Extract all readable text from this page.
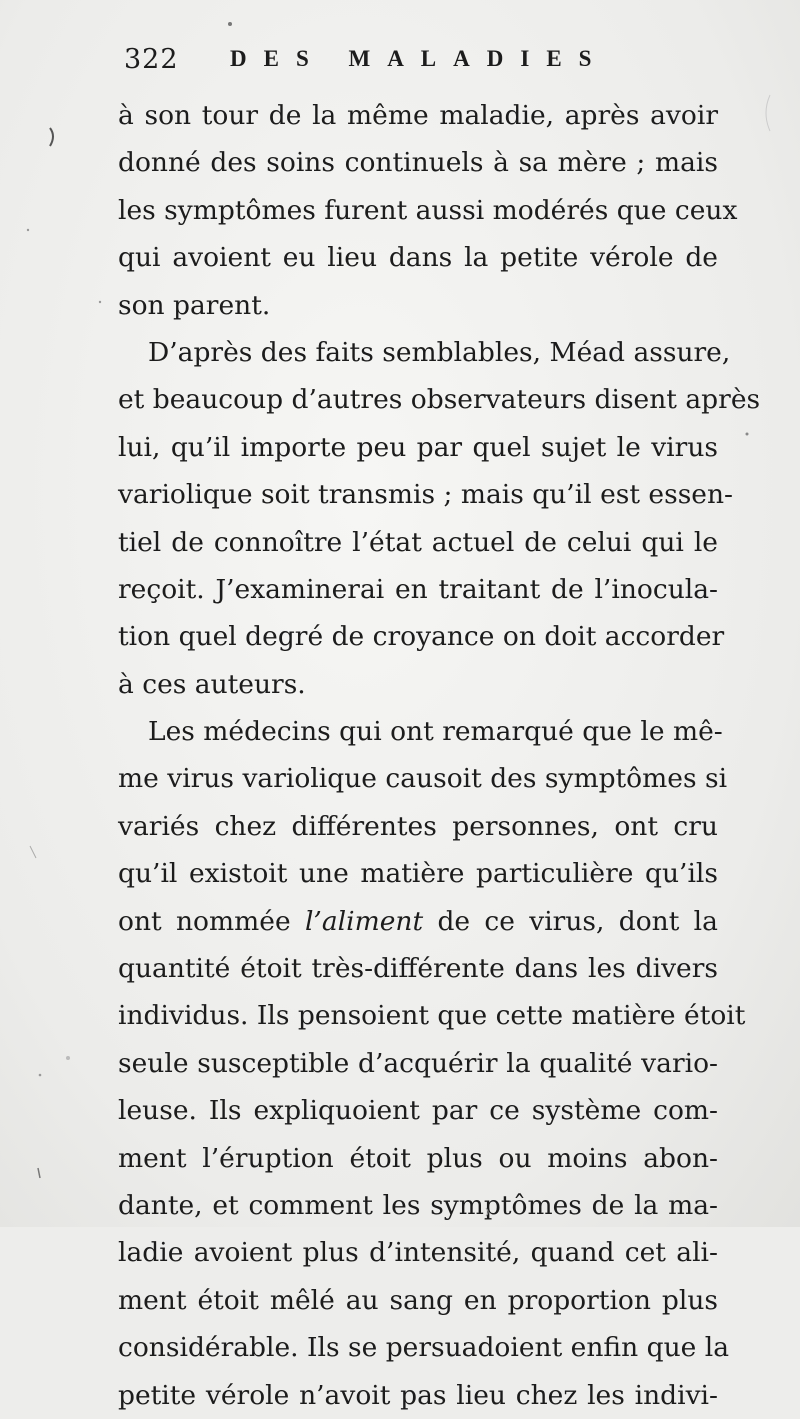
322 DES MALADIES
à son tour de la même maladie, après avoir
donné des soins continuels à sa mère ; mais
les symptômes furent aussi modérés que ceux
qui avoient eu lieu dans la petite vérole de
son parent.
D’après des faits semblables, Méad assure,
et beaucoup d’autres observateurs disent après
lui, qu’il importe peu par quel sujet le virus
variolique soit transmis ; mais qu’il est essen-
tiel de connoître l’état actuel de celui qui le
reçoit. J’examinerai en traitant de l’inocula-
tion quel degré de croyance on doit accorder
à ces auteurs.
Les médecins qui ont remarqué que le mê-
me virus variolique causoit des symptômes si
variés chez différentes personnes, ont cru
qu’il existoit une matière particulière qu’ils
ont nommée l’aliment de ce virus, dont la
quantité étoit très-différente dans les divers
individus. Ils pensoient que cette matière étoit
seule susceptible d’acquérir la qualité vario-
leuse. Ils expliquoient par ce système com-
ment l’éruption étoit plus ou moins abon-
dante, et comment les symptômes de la ma-
ladie avoient plus d’intensité, quand cet ali-
ment étoit mêlé au sang en proportion plus
considérable. Ils se persuadoient enfin que la
petite vérole n’avoit pas lieu chez les indivi-
